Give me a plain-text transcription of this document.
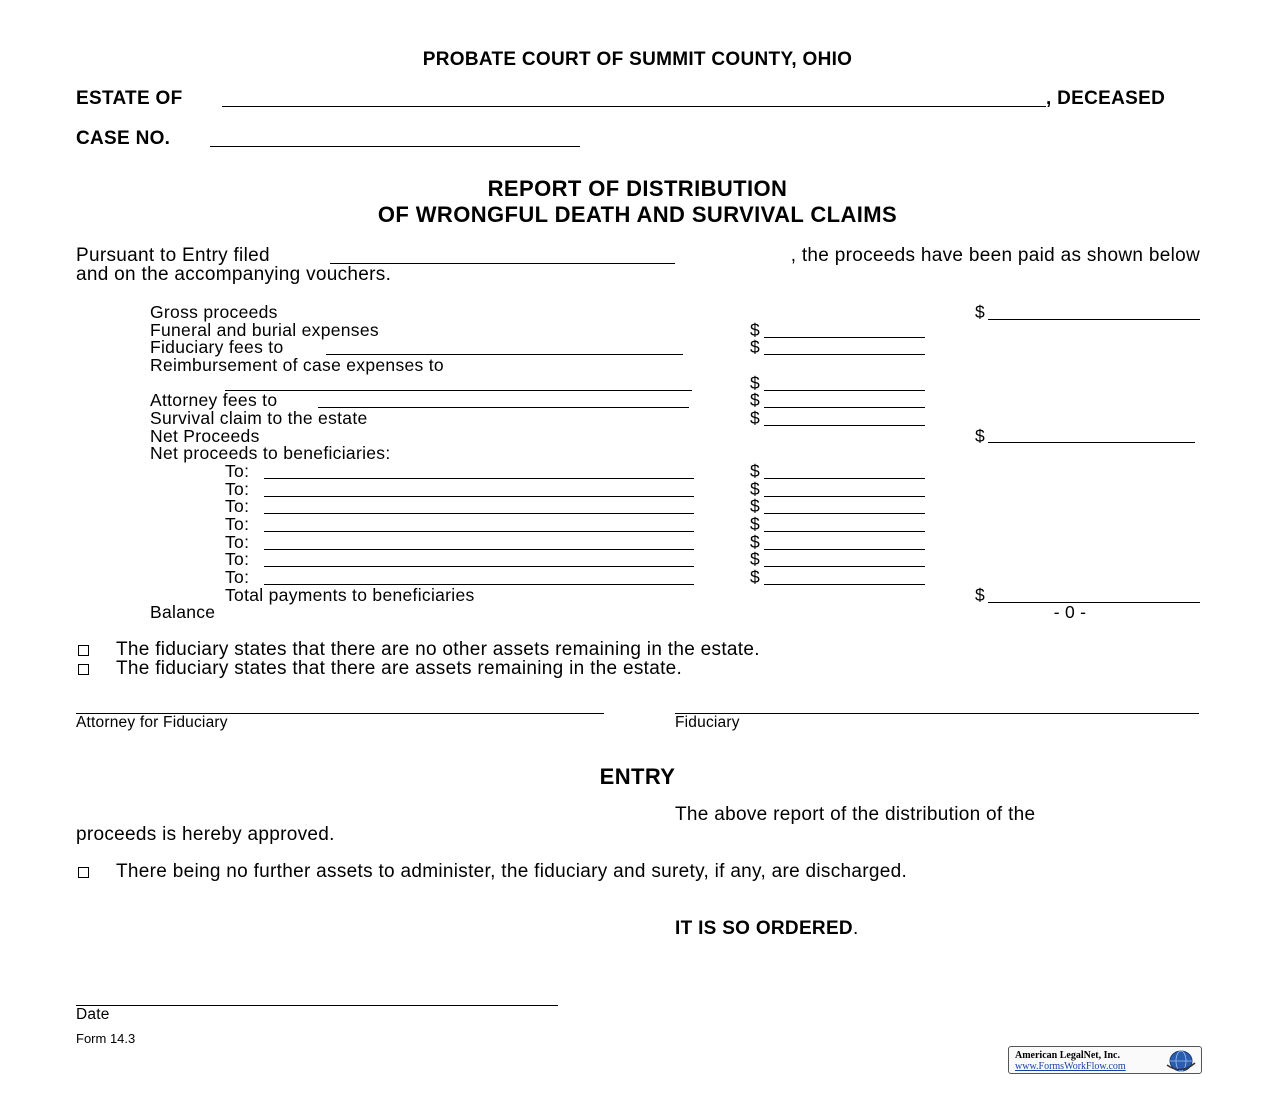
PROBATE COURT OF SUMMIT COUNTY, OHIO
ESTATE OF	, DECEASED
CASE NO.
REPORT OF DISTRIBUTION
OF WRONGFUL DEATH AND SURVIVAL CLAIMS
Pursuant to Entry filed	, the proceeds have been paid as shown below
and on the accompanying vouchers.
Gross proceeds	$
Funeral and burial expenses	$
Fiduciary fees to	$
Reimbursement of case expenses to
$
Attorney fees to	$
Survival claim to the estate	$
Net Proceeds	$
Net proceeds to beneficiaries:
To:	$
To:	$
To:	$
To:	$
To:	$
To:	$
To:	$
Total payments to beneficiaries	$
Balance	- 0 -
The fiduciary states that there are no other assets remaining in the estate.
The fiduciary states that there are assets remaining in the estate.
Attorney for Fiduciary	Fiduciary
ENTRY
The above report of the distribution of the
proceeds is hereby approved.
There being no further assets to administer, the fiduciary and surety, if any, are discharged.
IT IS SO ORDERED.
Date
Form 14.3
American LegalNet, Inc.
www.FormsWorkFlow.com
